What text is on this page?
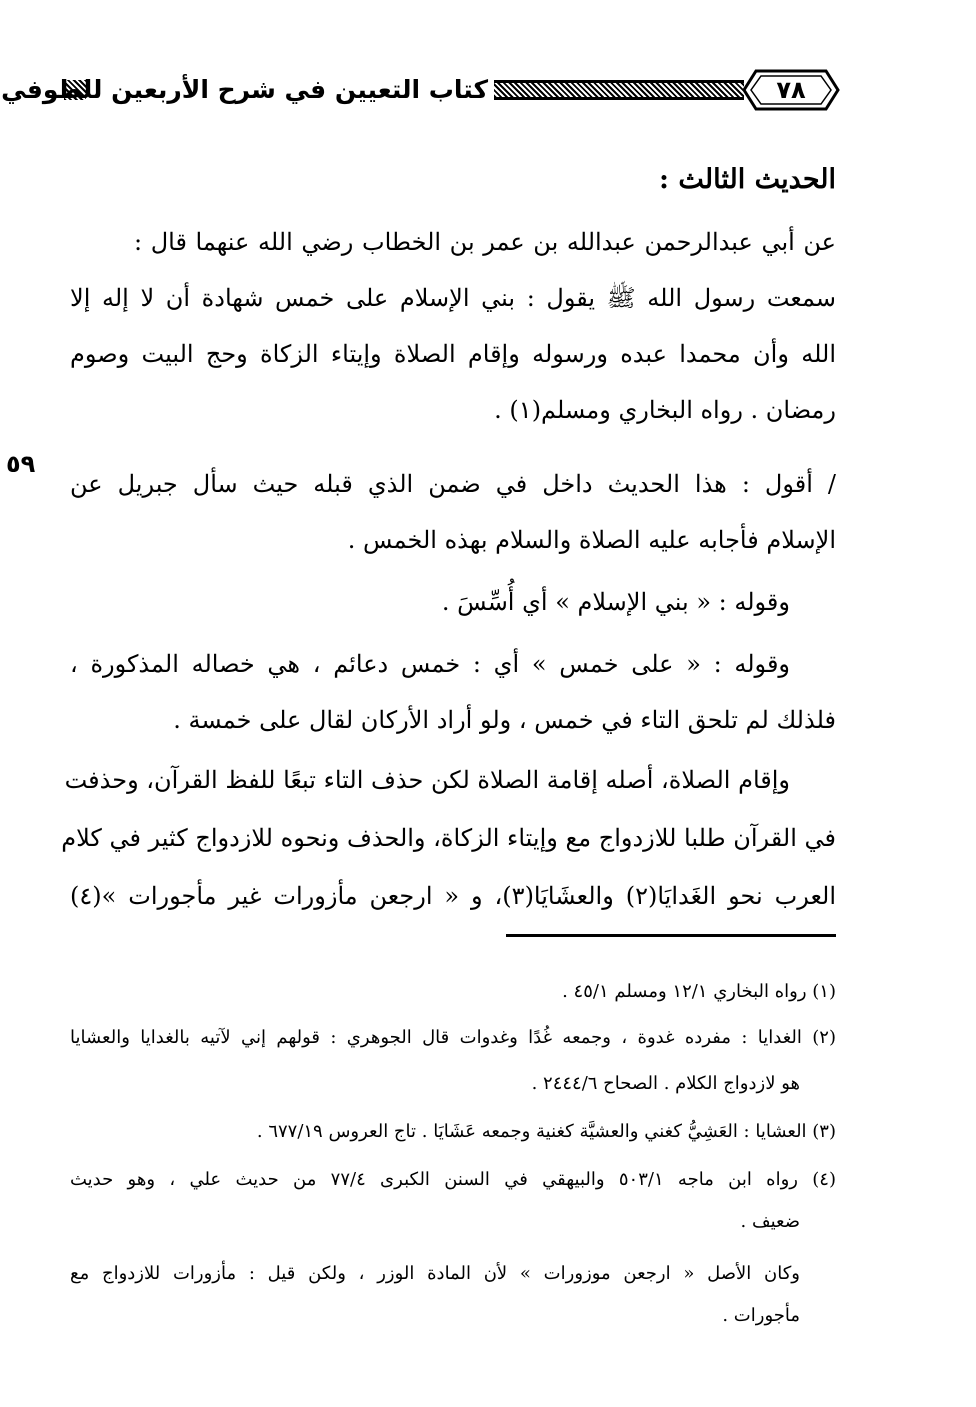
كتاب التعيين في شرح الأربعين للطوفي	٧٨
٥٩
الحديث الثالث :

عن أبي عبدالرحمن عبدالله بن عمر بن الخطاب رضي الله عنهما قال :

سمعت رسول الله ﷺ يقول : بني الإسلام على خمس شهادة أن لا إله إلا

الله وأن محمدا عبده ورسوله وإقام الصلاة وإيتاء الزكاة وحج البيت وصوم

رمضان . رواه البخاري ومسلم(١) .

/ أقول : هذا الحديث داخل في ضمن الذي قبله حيث سأل جبريل عن

الإسلام فأجابه عليه الصلاة والسلام بهذه الخمس .

وقوله : « بني الإسلام » أي أُسِّسَ .

وقوله : « على خمس » أي : خمس دعائم ، هي خصاله المذكورة ،

فلذلك لم تلحق التاء في خمس ، ولو أراد الأركان لقال على خمسة .

وإقام الصلاة، أصله إقامة الصلاة لكن حذف التاء تبعًا للفظ القرآن، وحذفت

في القرآن طلبا للازدواج مع وإيتاء الزكاة، والحذف ونحوه للازدواج كثير في كلام

العرب نحو الغَدايَا(٢) والعشَايَا(٣)، و « ارجعن مأزورات غير مأجورات »(٤)

(١) رواه البخاري ١٢/١ ومسلم ٤٥/١ .

(٢) الغدايا : مفرده غدوة ، وجمعه غُدًا وغدوات قال الجوهري : قولهم إني لآتيه بالغدايا والعشايا

هو لازدواج الكلام . الصحاح ٢٤٤٤/٦ .

(٣) العشايا : العَشِيُّ كغني والعشيَّة كغنية وجمعه عَشَايَا . تاج العروس ٦٧٧/١٩ .

(٤) رواه ابن ماجه ٥٠٣/١ والبيهقي في السنن الكبرى ٧٧/٤ من حديث علي ، وهو حديث

ضعيف .

وكان الأصل « ارجعن موزورات » لأن المادة الوزر ، ولكن قيل : مأزورات للازدواج مع

مأجورات .
